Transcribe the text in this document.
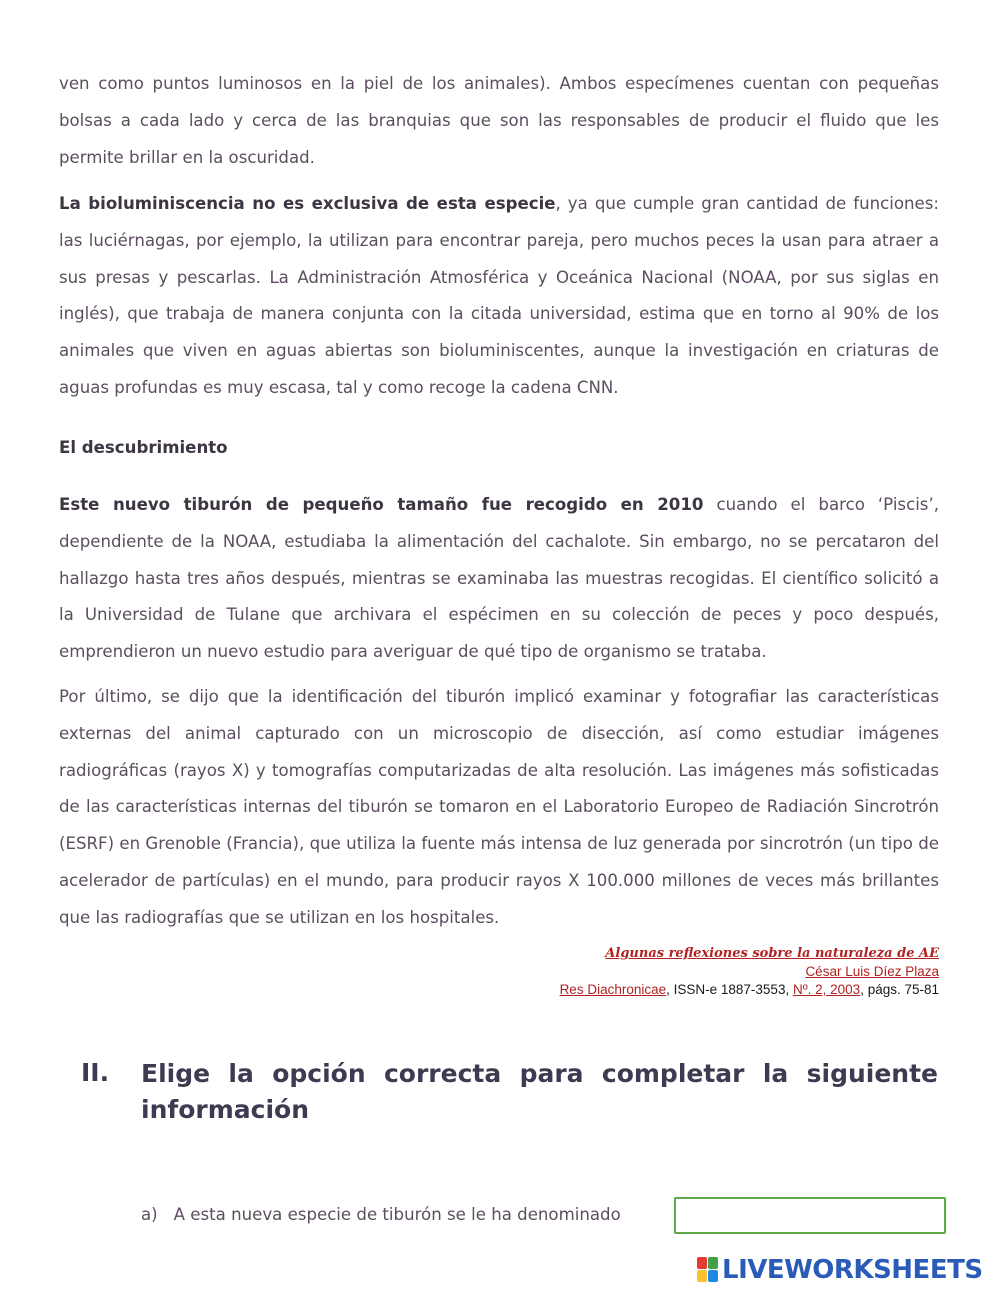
ven como puntos luminosos en la piel de los animales). Ambos especímenes cuentan con pequeñas bolsas a cada lado y cerca de las branquias que son las responsables de producir el fluido que les permite brillar en la oscuridad.

La bioluminiscencia no es exclusiva de esta especie, ya que cumple gran cantidad de funciones: las luciérnagas, por ejemplo, la utilizan para encontrar pareja, pero muchos peces la usan para atraer a sus presas y pescarlas. La Administración Atmosférica y Oceánica Nacional (NOAA, por sus siglas en inglés), que trabaja de manera conjunta con la citada universidad, estima que en torno al 90% de los animales que viven en aguas abiertas son bioluminiscentes, aunque la investigación en criaturas de aguas profundas es muy escasa, tal y como recoge la cadena CNN.

El descubrimiento

Este nuevo tiburón de pequeño tamaño fue recogido en 2010 cuando el barco ‘Piscis’, dependiente de la NOAA, estudiaba la alimentación del cachalote. Sin embargo, no se percataron del hallazgo hasta tres años después, mientras se examinaba las muestras recogidas. El científico solicitó a la Universidad de Tulane que archivara el espécimen en su colección de peces y poco después, emprendieron un nuevo estudio para averiguar de qué tipo de organismo se trataba.

Por último, se dijo que la identificación del tiburón implicó examinar y fotografiar las características externas del animal capturado con un microscopio de disección, así como estudiar imágenes radiográficas (rayos X) y tomografías computarizadas de alta resolución. Las imágenes más sofisticadas de las características internas del tiburón se tomaron en el Laboratorio Europeo de Radiación Sincrotrón (ESRF) en Grenoble (Francia), que utiliza la fuente más intensa de luz generada por sincrotrón (un tipo de acelerador de partículas) en el mundo, para producir rayos X 100.000 millones de veces más brillantes que las radiografías que se utilizan en los hospitales.

Algunas reflexiones sobre la naturaleza de AE
César Luis Díez Plaza
Res Diachronicae, ISSN-e 1887-3553, Nº. 2, 2003, págs. 75-81
II. Elige la opción correcta para completar la siguiente información
a) A esta nueva especie de tiburón se le ha denominado
LIVEWORKSHEETS
